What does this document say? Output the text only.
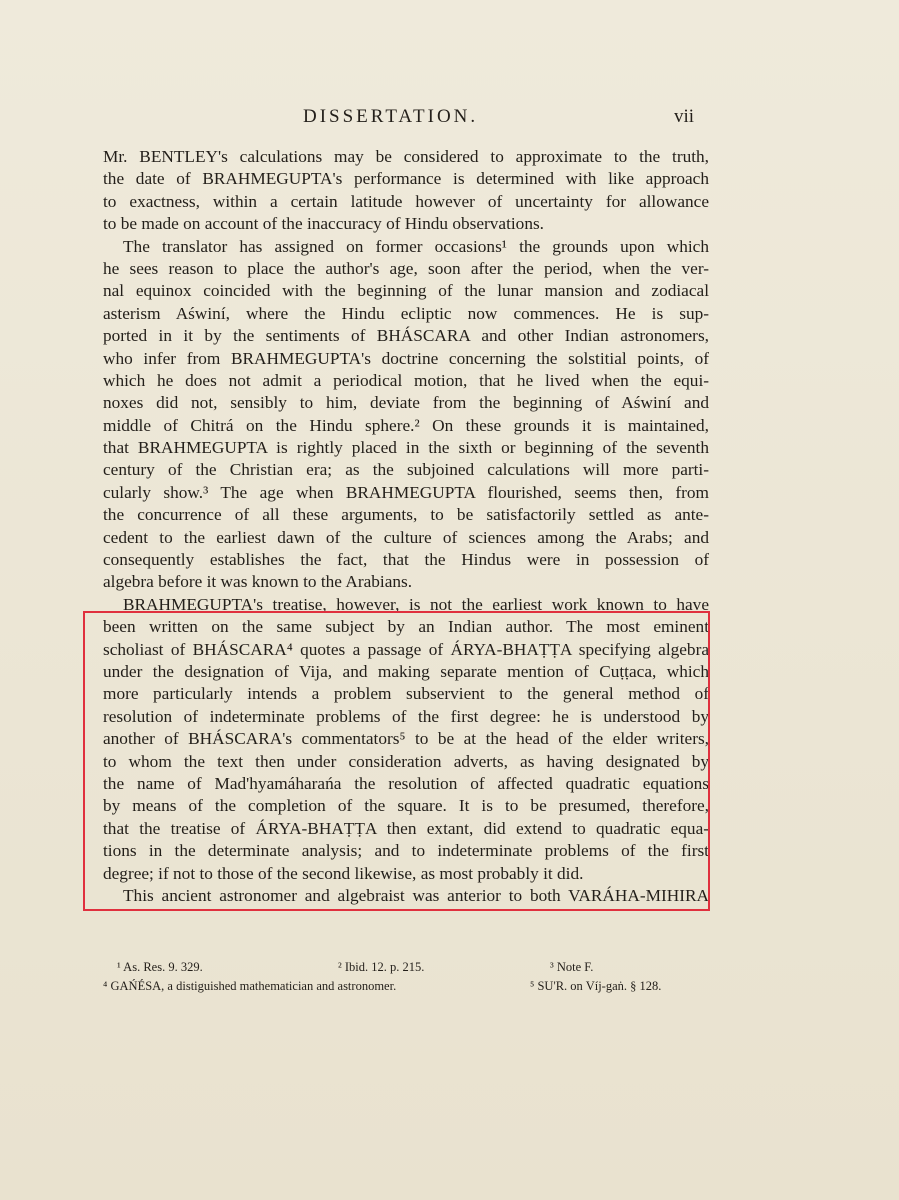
DISSERTATION.	vii
Mr. BENTLEY's calculations may be considered to approximate to the truth,
the date of BRAHMEGUPTA's performance is determined with like approach
to exactness, within a certain latitude however of uncertainty for allowance
to be made on account of the inaccuracy of Hindu observations.
The translator has assigned on former occasions¹ the grounds upon which
he sees reason to place the author's age, soon after the period, when the ver-
nal equinox coincided with the beginning of the lunar mansion and zodiacal
asterism Aświní, where the Hindu ecliptic now commences. He is sup-
ported in it by the sentiments of BHÁSCARA and other Indian astronomers,
who infer from BRAHMEGUPTA's doctrine concerning the solstitial points, of
which he does not admit a periodical motion, that he lived when the equi-
noxes did not, sensibly to him, deviate from the beginning of Aświní and
middle of Chitrá on the Hindu sphere.² On these grounds it is maintained,
that BRAHMEGUPTA is rightly placed in the sixth or beginning of the seventh
century of the Christian era; as the subjoined calculations will more parti-
cularly show.³ The age when BRAHMEGUPTA flourished, seems then, from
the concurrence of all these arguments, to be satisfactorily settled as ante-
cedent to the earliest dawn of the culture of sciences among the Arabs; and
consequently establishes the fact, that the Hindus were in possession of
algebra before it was known to the Arabians.
BRAHMEGUPTA's treatise, however, is not the earliest work known to have
been written on the same subject by an Indian author. The most eminent
scholiast of BHÁSCARA⁴ quotes a passage of ÁRYA-BHAṬṬA specifying algebra
under the designation of Vija, and making separate mention of Cuṭṭaca, which
more particularly intends a problem subservient to the general method of
resolution of indeterminate problems of the first degree: he is understood by
another of BHÁSCARA's commentators⁵ to be at the head of the elder writers,
to whom the text then under consideration adverts, as having designated by
the name of Mad'hyamáharańa the resolution of affected quadratic equations
by means of the completion of the square. It is to be presumed, therefore,
that the treatise of ÁRYA-BHAṬṬA then extant, did extend to quadratic equa-
tions in the determinate analysis; and to indeterminate problems of the first
degree; if not to those of the second likewise, as most probably it did.
This ancient astronomer and algebraist was anterior to both VARÁHA-MIHIRA
¹ As. Res. 9. 329.	² Ibid. 12. p. 215.	³ Note F.
⁴ GAŃÉSA, a distiguished mathematician and astronomer.	⁵ SU'R. on Víj-gaṅ. § 128.
